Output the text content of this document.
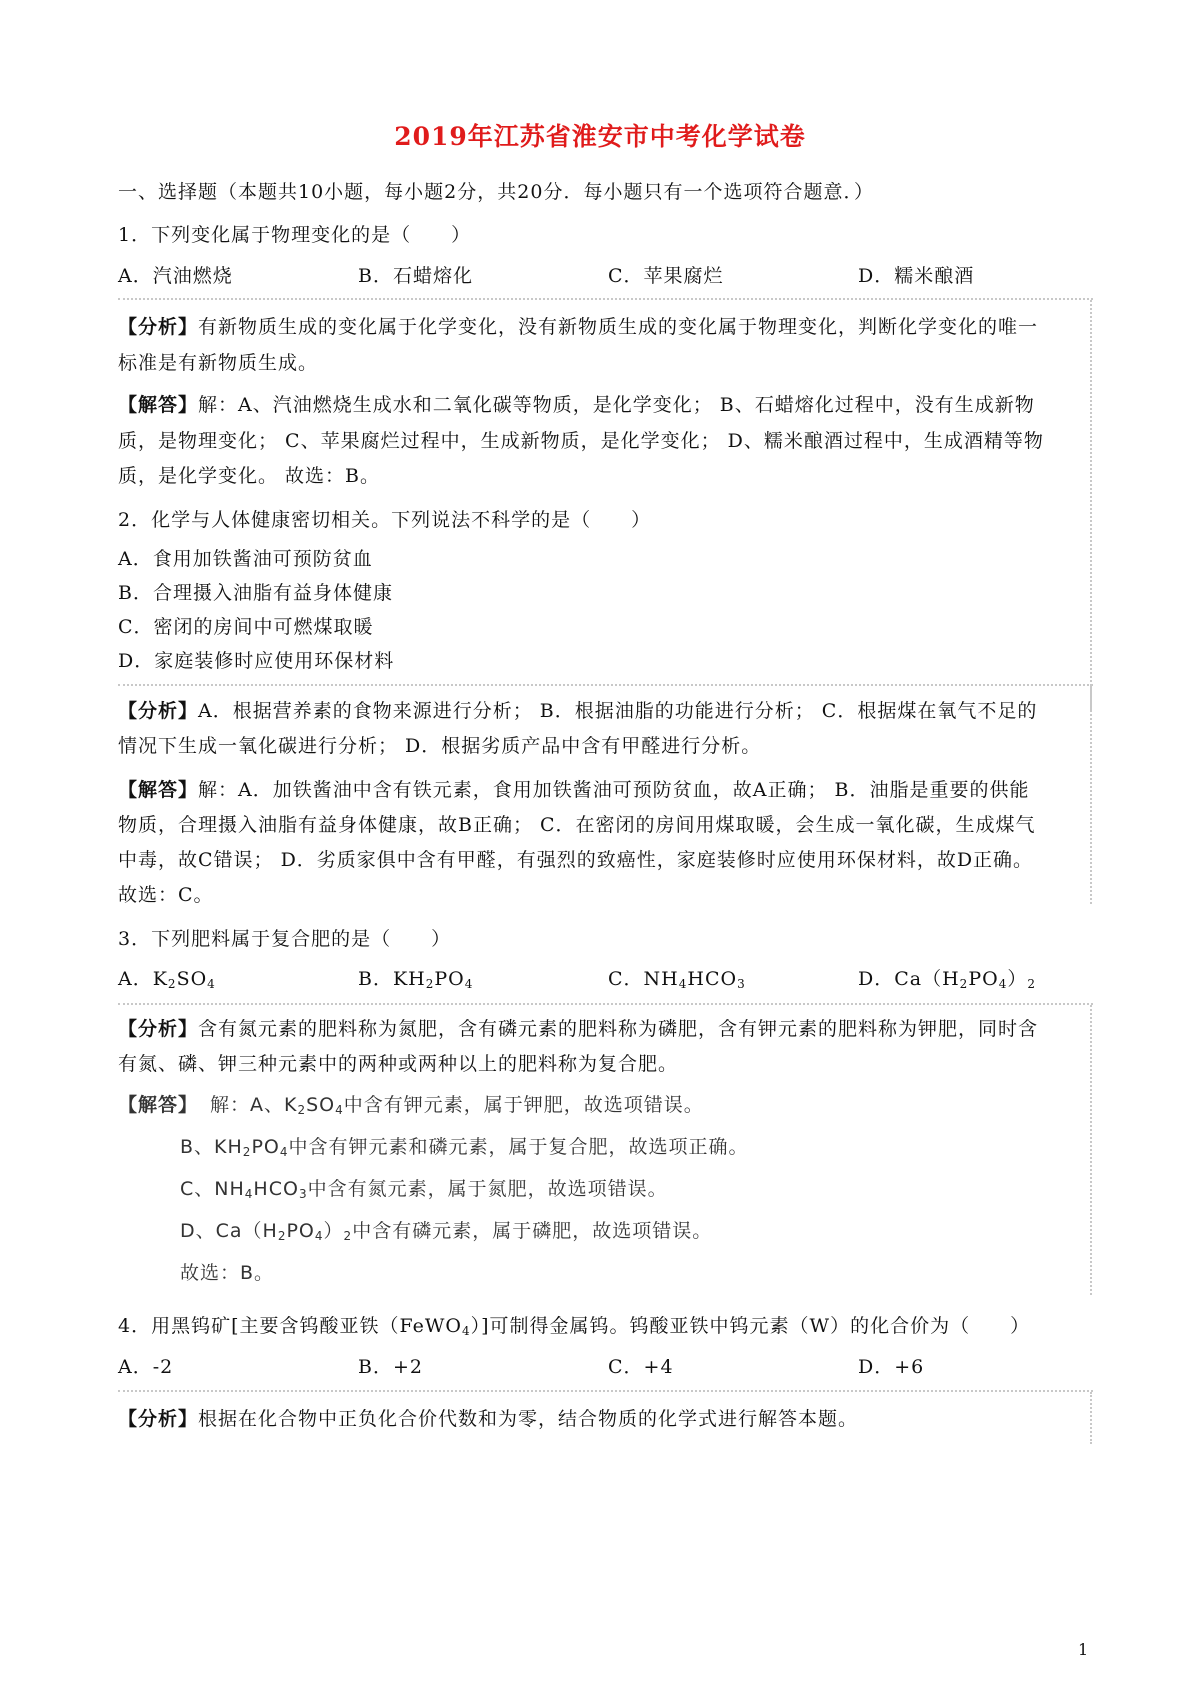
2019年江苏省淮安市中考化学试卷
一、选择题（本题共10小题，每小题2分，共20分．每小题只有一个选项符合题意．）
1．下列变化属于物理变化的是（　　）
A．汽油燃烧	B．石蜡熔化	C．苹果腐烂	D．糯米酿酒
【分析】有新物质生成的变化属于化学变化，没有新物质生成的变化属于物理变化，判断化学变化的唯一
标准是有新物质生成。
【解答】解：A、汽油燃烧生成水和二氧化碳等物质，是化学变化； B、石蜡熔化过程中，没有生成新物
质，是物理变化； C、苹果腐烂过程中，生成新物质，是化学变化； D、糯米酿酒过程中，生成酒精等物
质，是化学变化。 故选：B。
2．化学与人体健康密切相关。下列说法不科学的是（　　）
A．食用加铁酱油可预防贫血
B．合理摄入油脂有益身体健康
C．密闭的房间中可燃煤取暖
D．家庭装修时应使用环保材料
【分析】A．根据营养素的食物来源进行分析； B．根据油脂的功能进行分析； C．根据煤在氧气不足的
情况下生成一氧化碳进行分析； D．根据劣质产品中含有甲醛进行分析。
【解答】解：A．加铁酱油中含有铁元素，食用加铁酱油可预防贫血，故A正确； B．油脂是重要的供能
物质，合理摄入油脂有益身体健康，故B正确； C．在密闭的房间用煤取暖，会生成一氧化碳，生成煤气
中毒，故C错误； D．劣质家俱中含有甲醛，有强烈的致癌性，家庭装修时应使用环保材料，故D正确。
故选：C。
3．下列肥料属于复合肥的是（　　）
A．$K_2SO_4$	B．$KH_2PO_4$	C．$NH_4HCO_3$	D．$Ca(H_2PO_4)_2$
【分析】含有氮元素的肥料称为氮肥，含有磷元素的肥料称为磷肥，含有钾元素的肥料称为钾肥，同时含
有氮、磷、钾三种元素中的两种或两种以上的肥料称为复合肥。
【解答】 解：A、$K_2SO_4$中含有钾元素，属于钾肥，故选项错误。
B、$KH_2PO_4$中含有钾元素和磷元素，属于复合肥，故选项正确。
C、$NH_4HCO_3$中含有氮元素，属于氮肥，故选项错误。
D、$Ca(H_2PO_4)_2$中含有磷元素，属于磷肥，故选项错误。
故选：B。
4．用黑钨矿[主要含钨酸亚铁（FeWO$_4$）]可制得金属钨。钨酸亚铁中钨元素（W）的化合价为（　　）
A．-2	B．+2	C．+4	D．+6
【分析】根据在化合物中正负化合价代数和为零，结合物质的化学式进行解答本题。
1
